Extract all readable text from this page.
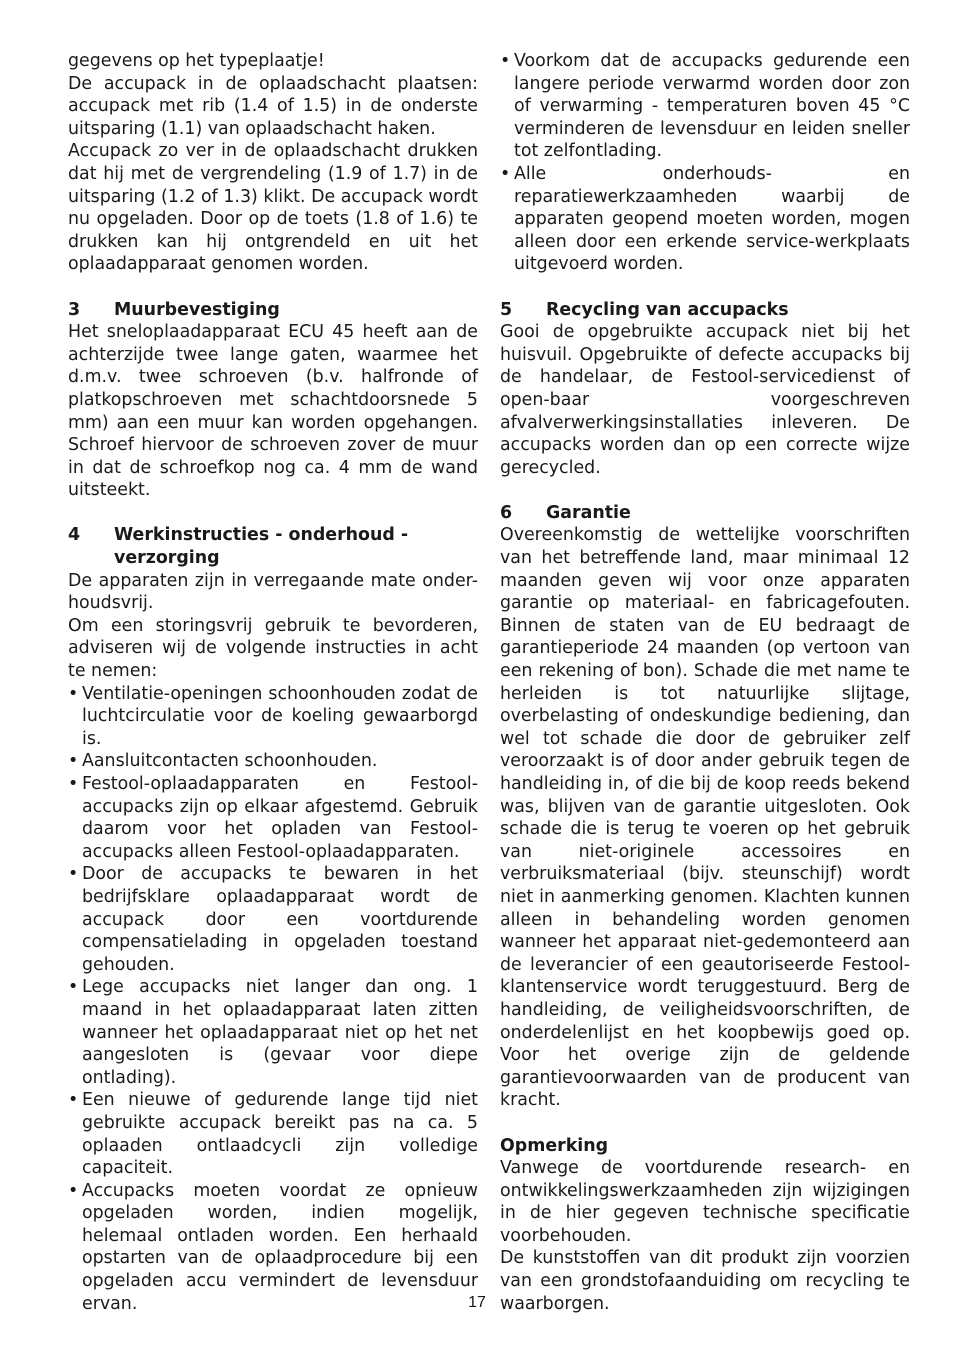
gegevens op het typeplaatje!

De accupack in de oplaadschacht plaatsen: accupack met rib (1.4 of 1.5) in de onderste uitsparing (1.1) van oplaadschacht haken.

Accupack zo ver in de oplaadschacht drukken dat hij met de vergrendeling (1.9 of 1.7) in de uitsparing (1.2 of 1.3) klikt. De accupack wordt nu opgeladen. Door op de toets (1.8 of 1.6) te drukken kan hij ontgrendeld en uit het oplaadapparaat genomen worden.

3	Muurbevestiging

Het sneloplaadapparaat ECU 45 heeft aan de achterzijde twee lange gaten, waarmee het d.m.v. twee schroeven (b.v. halfronde of platkopschroeven met schachtdoorsnede 5 mm) aan een muur kan worden opgehangen. Schroef hiervoor de schroeven zover de muur in dat de schroefkop nog ca. 4 mm de wand uitsteekt.

4	Werkinstructies - onderhoud - verzorging

De apparaten zijn in verregaande mate onder-houdsvrij.

Om een storingsvrij gebruik te bevorderen, adviseren wij de volgende instructies in acht te nemen:

• Ventilatie-openingen schoonhouden zodat de luchtcirculatie voor de koeling gewaarborgd is.
• Aansluitcontacten schoonhouden.
• Festool-oplaadapparaten en Festool-accupacks zijn op elkaar afgestemd. Gebruik daarom voor het opladen van Festool-accupacks alleen Festool-oplaadapparaten.
• Door de accupacks te bewaren in het bedrijfsklare oplaadapparaat wordt de accupack door een voortdurende compensatielading in opgeladen toestand gehouden.
• Lege accupacks niet langer dan ong. 1 maand in het oplaadapparaat laten zitten wanneer het oplaadapparaat niet op het net aangesloten is (gevaar voor diepe ontlading).
• Een nieuwe of gedurende lange tijd niet gebruikte accupack bereikt pas na ca. 5 oplaaden ontlaadcycli zijn volledige capaciteit.
• Accupacks moeten voordat ze opnieuw opgeladen worden, indien mogelijk, helemaal ontladen worden. Een herhaald opstarten van de oplaadprocedure bij een opgeladen accu vermindert de levensduur ervan.
• Voorkom dat de accupacks gedurende een langere periode verwarmd worden door zon of verwarming - temperaturen boven 45 °C verminderen de levensduur en leiden sneller tot zelfontlading.
• Alle onderhouds- en reparatiewerkzaamheden waarbij de apparaten geopend moeten worden, mogen alleen door een erkende service-werkplaats uitgevoerd worden.
5	Recycling van accupacks

Gooi de opgebruikte accupack niet bij het huisvuil. Opgebruikte of defecte accupacks bij de handelaar, de Festool-servicedienst of open-baar voorgeschreven afvalverwerkingsinstallaties inleveren. De accupacks worden dan op een correcte wijze gerecycled.

6	Garantie

Overeenkomstig de wettelijke voorschriften van het betreffende land, maar minimaal 12 maanden geven wij voor onze apparaten garantie op materiaal- en fabricagefouten. Binnen de staten van de EU bedraagt de garantieperiode 24 maanden (op vertoon van een rekening of bon). Schade die met name te herleiden is tot natuurlijke slijtage, overbelasting of ondeskundige bediening, dan wel tot schade die door de gebruiker zelf veroorzaakt is of door ander gebruik tegen de handleiding in, of die bij de koop reeds bekend was, blijven van de garantie uitgesloten. Ook schade die is terug te voeren op het gebruik van niet-originele accessoires en verbruiksmateriaal (bijv. steunschijf) wordt niet in aanmerking genomen. Klachten kunnen alleen in behandeling worden genomen wanneer het apparaat niet-gedemonteerd aan de leverancier of een geautoriseerde Festool-klantenservice wordt teruggestuurd. Berg de handleiding, de veiligheidsvoorschriften, de onderdelenlijst en het koopbewijs goed op. Voor het overige zijn de geldende garantievoorwaarden van de producent van kracht.

Opmerking

Vanwege de voortdurende research- en ontwikkelingswerkzaamheden zijn wijzigingen in de hier gegeven technische specificatie voorbehouden.

De kunststoffen van dit produkt zijn voorzien van een grondstofaanduiding om recycling te waarborgen.

17
